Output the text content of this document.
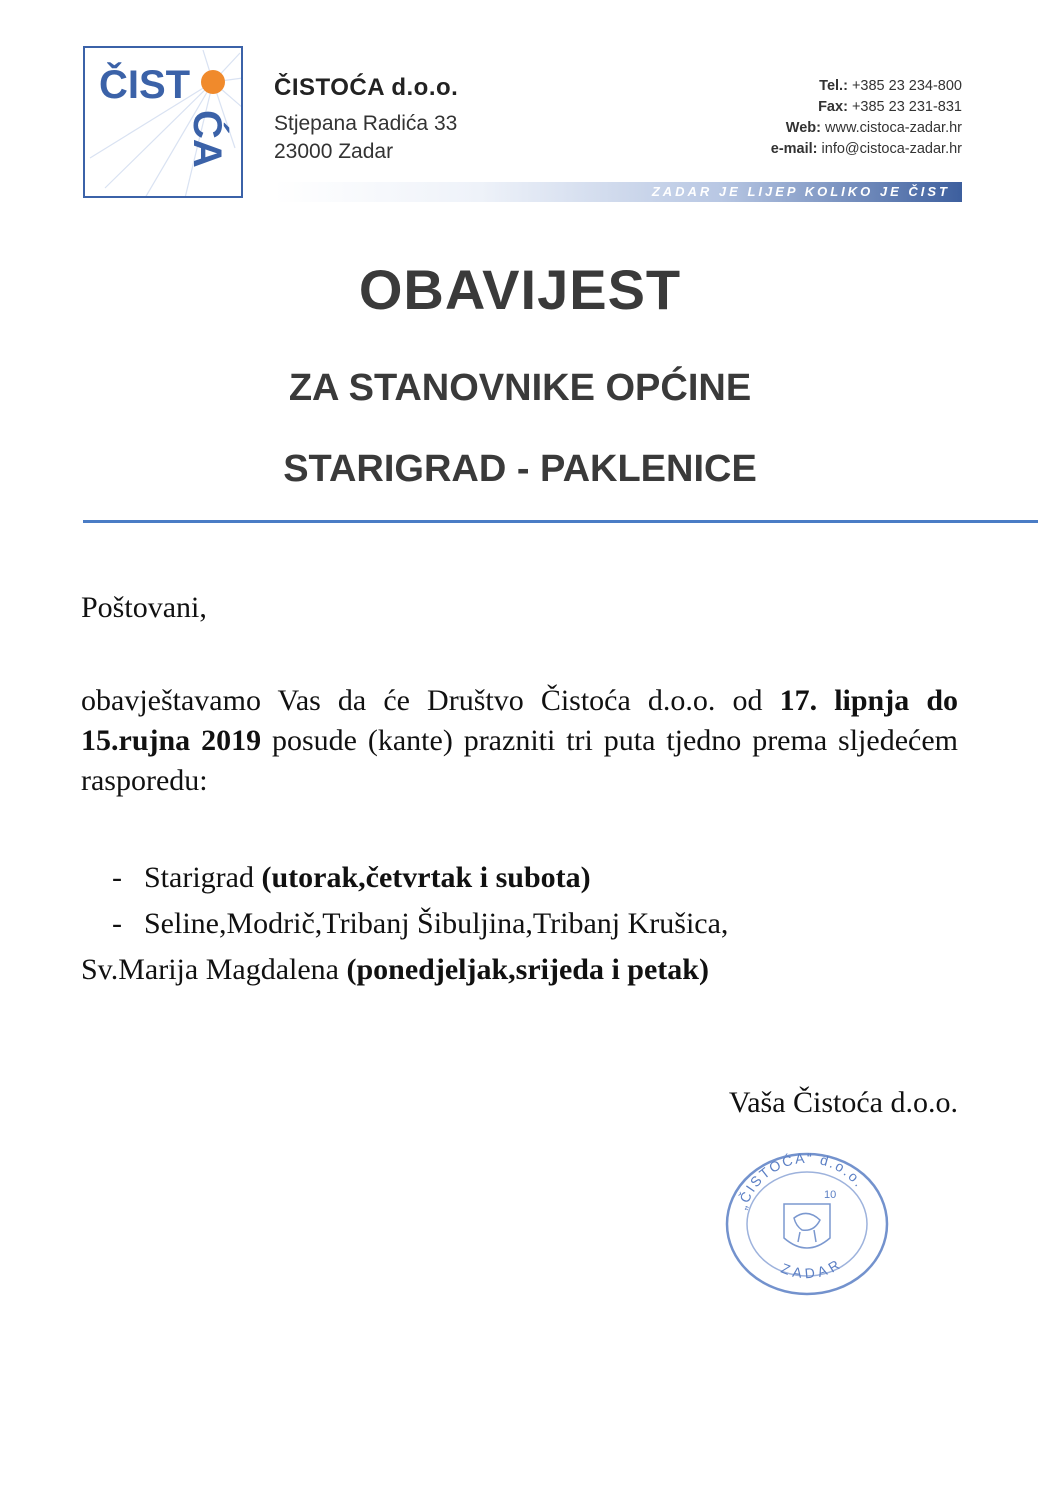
ČIST
ĆA

ČISTOĆA d.o.o.

Stjepana Radića 33

23000 Zadar

Tel.: +385 23 234-800
Fax: +385 23 231-831
Web: www.cistoca-zadar.hr
e-mail: info@cistoca-zadar.hr
ZADAR JE LIJEP KOLIKO JE ČIST
OBAVIJEST
ZA STANOVNIKE OPĆINE
STARIGRAD - PAKLENICE

Poštovani,

obavještavamo Vas da će Društvo Čistoća d.o.o. od 17. lipnja do 15.rujna 2019 posude (kante) prazniti tri puta tjedno prema sljedećem rasporedu:

- Starigrad (utorak,četvrtak i subota)

- Seline,Modrič,Tribanj Šibuljina,Tribanj Krušica,

Sv.Marija Magdalena (ponedjeljak,srijeda i petak)

Vaša Čistoća d.o.o.

„ČISTOĆA“ d.o.o.
ZADAR
10
